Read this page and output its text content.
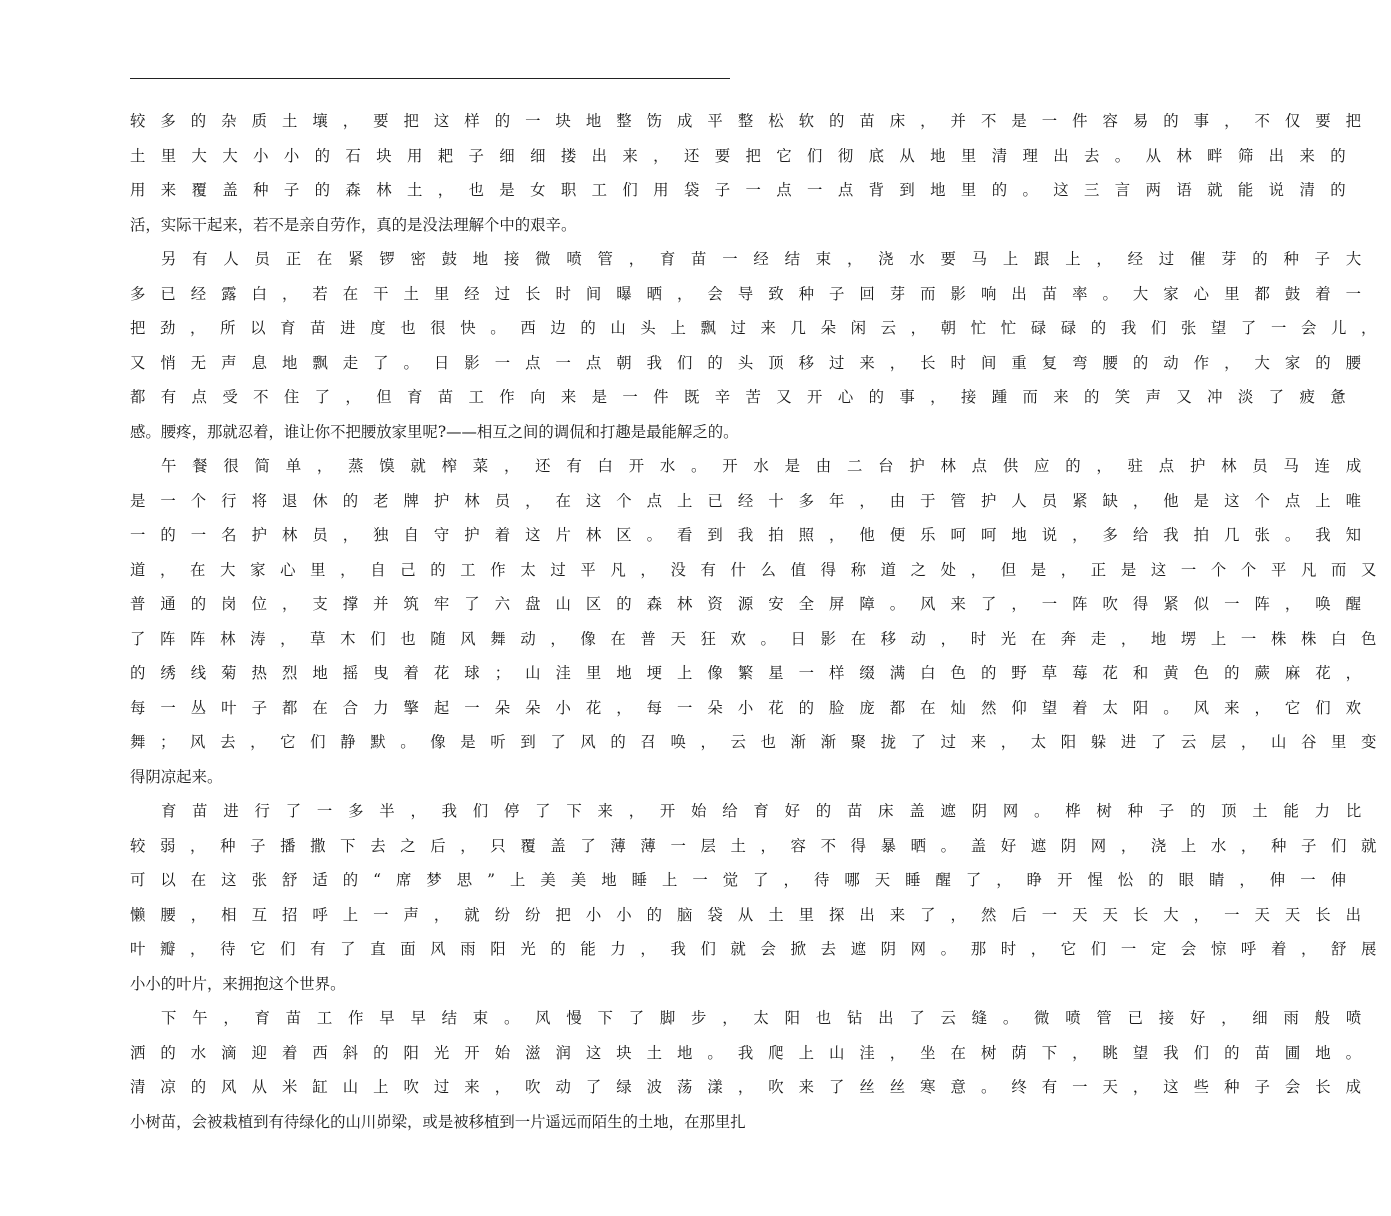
较多的杂质土壤，要把这样的一块地整饬成平整松软的苗床，并不是一件容易的事，不仅要把
土里大大小小的石块用耙子细细搂出来，还要把它们彻底从地里清理出去。从林畔筛出来的
用来覆盖种子的森林土，也是女职工们用袋子一点一点背到地里的。这三言两语就能说清的
活，实际干起来，若不是亲自劳作，真的是没法理解个中的艰辛。
另有人员正在紧锣密鼓地接微喷管，育苗一经结束，浇水要马上跟上，经过催芽的种子大
多已经露白，若在干土里经过长时间曝晒，会导致种子回芽而影响出苗率。大家心里都鼓着一
把劲，所以育苗进度也很快。西边的山头上飘过来几朵闲云，朝忙忙碌碌的我们张望了一会儿，
又悄无声息地飘走了。日影一点一点朝我们的头顶移过来，长时间重复弯腰的动作，大家的腰
都有点受不住了，但育苗工作向来是一件既辛苦又开心的事，接踵而来的笑声又冲淡了疲惫
感。腰疼，那就忍着，谁让你不把腰放家里呢?——相互之间的调侃和打趣是最能解乏的。
午餐很简单，蒸馍就榨菜，还有白开水。开水是由二台护林点供应的，驻点护林员马连成
是一个行将退休的老牌护林员，在这个点上已经十多年，由于管护人员紧缺，他是这个点上唯
一的一名护林员，独自守护着这片林区。看到我拍照，他便乐呵呵地说，多给我拍几张。我知
道，在大家心里，自己的工作太过平凡，没有什么值得称道之处，但是，正是这一个个平凡而又
普通的岗位，支撑并筑牢了六盘山区的森林资源安全屏障。风来了，一阵吹得紧似一阵，唤醒
了阵阵林涛，草木们也随风舞动，像在普天狂欢。日影在移动，时光在奔走，地塄上一株株白色
的绣线菊热烈地摇曳着花球；山洼里地埂上像繁星一样缀满白色的野草莓花和黄色的蕨麻花，
每一丛叶子都在合力擎起一朵朵小花，每一朵小花的脸庞都在灿然仰望着太阳。风来，它们欢
舞；风去，它们静默。像是听到了风的召唤，云也渐渐聚拢了过来，太阳躲进了云层，山谷里变
得阴凉起来。
育苗进行了一多半，我们停了下来，开始给育好的苗床盖遮阴网。桦树种子的顶土能力比
较弱，种子播撒下去之后，只覆盖了薄薄一层土，容不得暴晒。盖好遮阴网，浇上水，种子们就
可以在这张舒适的“席梦思”上美美地睡上一觉了，待哪天睡醒了，睁开惺忪的眼睛，伸一伸
懒腰，相互招呼上一声，就纷纷把小小的脑袋从土里探出来了，然后一天天长大，一天天长出
叶瓣，待它们有了直面风雨阳光的能力，我们就会掀去遮阴网。那时，它们一定会惊呼着，舒展
小小的叶片，来拥抱这个世界。
下午，育苗工作早早结束。风慢下了脚步，太阳也钻出了云缝。微喷管已接好，细雨般喷
洒的水滴迎着西斜的阳光开始滋润这块土地。我爬上山洼，坐在树荫下，眺望我们的苗圃地。
清凉的风从米缸山上吹过来，吹动了绿波荡漾，吹来了丝丝寒意。终有一天，这些种子会长成
小树苗，会被栽植到有待绿化的山川峁梁，或是被移植到一片遥远而陌生的土地，在那里扎
